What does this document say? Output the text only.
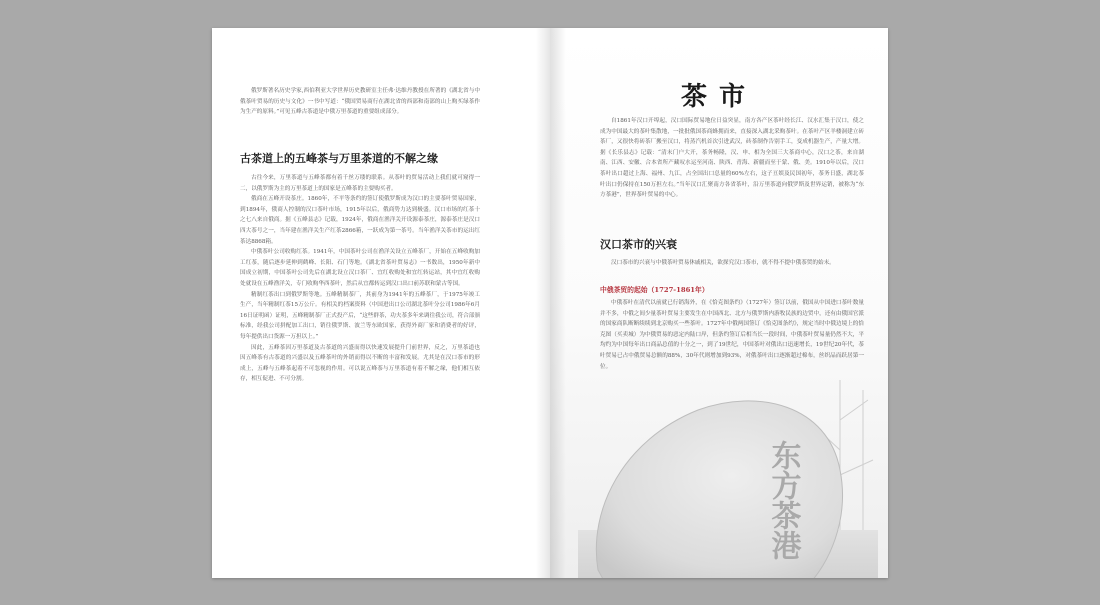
俄罗斯著名历史学家,西伯利亚大学世界历史教研室主任弗·达维丹教授在所著的《湖北省与中俄茶叶贸易的历史与文化》一书中写道：“俄国贸易商行在湖北省的西部和南部的山上购买绿茶作为生产的原料。”可见五峰古茶道是中俄万里茶道的重要组成部分。

古茶道上的五峰茶与万里茶道的不解之缘

古往今来，万里茶道与五峰茶都有着千丝万缕的联系。从茶叶的贸易活动上我们就可窥得一二，以俄罗斯为主的万里茶道上的国家是五峰茶的主要购买者。

俄商在五峰开设茶庄。1860年，不平等条约的签订使俄罗斯成为汉口的主要茶叶贸易国家，到1894年，俄商人控制的汉口茶叶市场，1915年以后，俄商势力达到极盛。汉口市场的红茶十之七八来自俄商。据《五峰县志》记载，1924年，俄商在渔洋关开设源泰茶庄，源泰茶庄是汉口四大茶号之一，当年建在渔洋关生产红茶2866箱，一跃成为第一茶号。当年渔洋关茶市的运出红茶达8868箱。

中俄茶叶公司收购红茶。1941年，中国茶叶公司在渔洋关设立五峰茶厂，开始在五峰收购加工红茶，随后逐步延伸到鹤峰、长阳、石门等地。《湖北省茶叶贸易志》一书数出，1950年新中国成立初期，中国茶叶公司先后在湖北设立汉口茶厂、宜红收购处和宜红转运站，其中宜红收购处就设在五峰渔洋关，专门收购华西茶叶，然后从宜都转运到汉口出口前苏联和蒙古等国。

精制红茶出口到俄罗斯等地。五峰精制茶厂，其前身为1941年的五峰茶厂，于1975年竣工生产，当年精制红茶15万公斤。有相关的档案资料（中国进出口公司湖北茶叶分公司1986年6月16日证明函）证明，五峰精制茶厂正式投产后，“这些群茶，功夫茶多年来调往我公司，符合部颁标准，经我公司拼配加工出口，销往俄罗斯、波兰等东欧国家，获得外商厂家和消费者的好评，每年提供出口货源一万担以上。”

因此，五峰茶因万里茶道及古茶道的兴盛而得以快速发展提升门前世界，反之，万里茶道也因五峰茶有古茶道的兴盛以及五峰茶叶的外销而得以不断的丰富和发展。尤其是在汉口茶市的形成上，五峰与五峰茶起着不可忽视的作用。可以说五峰茶与万里茶道有着不解之缘，他们相互依存，相互促进、不可分割。

东方茶港
茶市

自1861年汉口开埠起，汉口国际贸易地位日益突显，南方各产区茶叶经长江、汉水汇集于汉口，使之成为中国最大的茶叶集散地，一批批俄国茶商蜂拥而来，直接深入湖北采购茶叶。在茶叶产区羊楼洞建立砖茶厂，又很快将砖茶厂搬至汉口，将蒸汽机首次引进武汉，砖茶制作告别手工，变成机器生产，产量大增。据《长乐县志》记载：“清末门户大开，茶务畅隆，汉、申、相为全国三大茶商中心，汉口之茶，来自湖南、江西、安徽、合本省所产藏叹水运至河南、陕西、青海、新疆而至于蒙、俄、美。1910年以后，汉口茶叶出口超过上海、福州、九江，占全国出口总量的60%左右，这子亘娱及民国初年，茶务日盛，湖北茶叶出口仍保持在150万担左右。”当年汉口汇聚南方各省茶叶，沿万里茶道向俄罗斯及世界运销，被称为“东方茶港”，世界茶叶贸易的中心。

汉口茶市的兴衰

汉口茶市的兴衰与中俄茶叶贸易休戚相关，欲探究汉口茶市，就不得不提中俄茶贸的始末。

中俄茶贸的起始（1727-1861年）

中俄茶叶在清代以前就已行销海外，在《恰克图条约》（1727年）签订以前，俄国从中国进口茶叶数量并不多，中俄之间少量茶叶贸易主要发生在中国西北、北方与俄罗斯内游牧民族的边贸中，还有由俄国官派的国家商队断断续续到北京购买一些茶叶。1727年中俄两国签订《恰克图条约》，规定当时中俄边境上的恰克图（买卖城）为中俄贸易的惡定内陆口岸，但条约签订后相当长一段时间，中俄茶叶贸易量仍然不大，平均约为中国每年出口商品总值的十分之一，到了19世纪，中国茶叶对俄出口迅速增长，19世纪20年代，茶叶贸易已占中俄贸易总额的88%，30年代则增加到93%，对俄茶叶出口逐渐超过棉布，丝织品而跃居第一位。
